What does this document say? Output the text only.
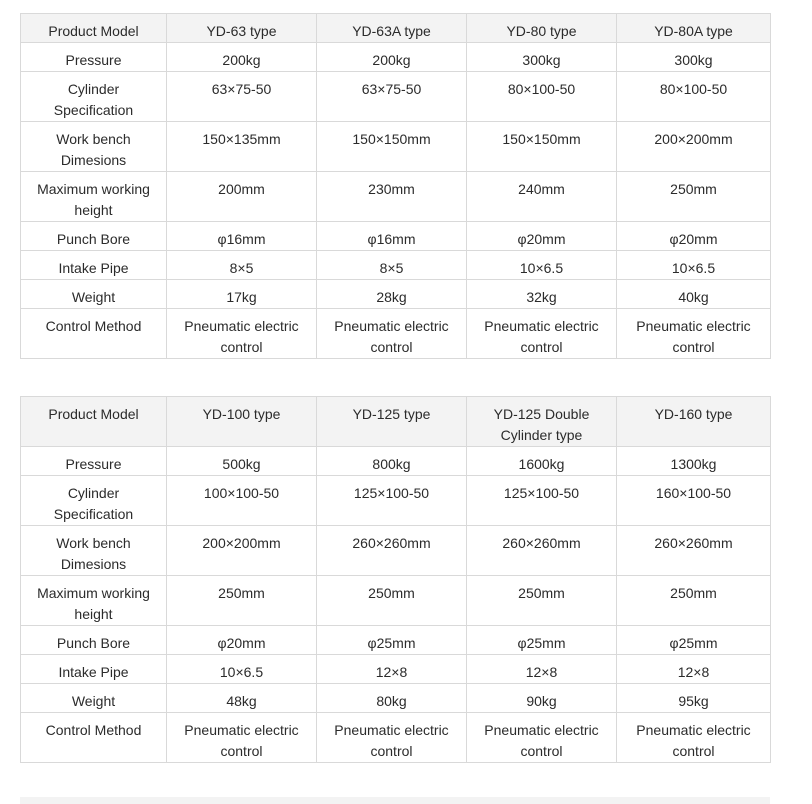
Product Model	YD-63 type	YD-63A type	YD-80 type	YD-80A type
Pressure	200kg	200kg	300kg	300kg
Cylinder Specification	63×75-50	63×75-50	80×100-50	80×100-50
Work bench Dimesions	150×135mm	150×150mm	150×150mm	200×200mm
Maximum working height	200mm	230mm	240mm	250mm
Punch Bore	φ16mm	φ16mm	φ20mm	φ20mm
Intake Pipe	8×5	8×5	10×6.5	10×6.5
Weight	17kg	28kg	32kg	40kg
Control Method	Pneumatic electric control	Pneumatic electric control	Pneumatic electric control	Pneumatic electric control
Product Model	YD-100 type	YD-125 type	YD-125 Double Cylinder type	YD-160 type
Pressure	500kg	800kg	1600kg	1300kg
Cylinder Specification	100×100-50	125×100-50	125×100-50	160×100-50
Work bench Dimesions	200×200mm	260×260mm	260×260mm	260×260mm
Maximum working height	250mm	250mm	250mm	250mm
Punch Bore	φ20mm	φ25mm	φ25mm	φ25mm
Intake Pipe	10×6.5	12×8	12×8	12×8
Weight	48kg	80kg	90kg	95kg
Control Method	Pneumatic electric control	Pneumatic electric control	Pneumatic electric control	Pneumatic electric control
